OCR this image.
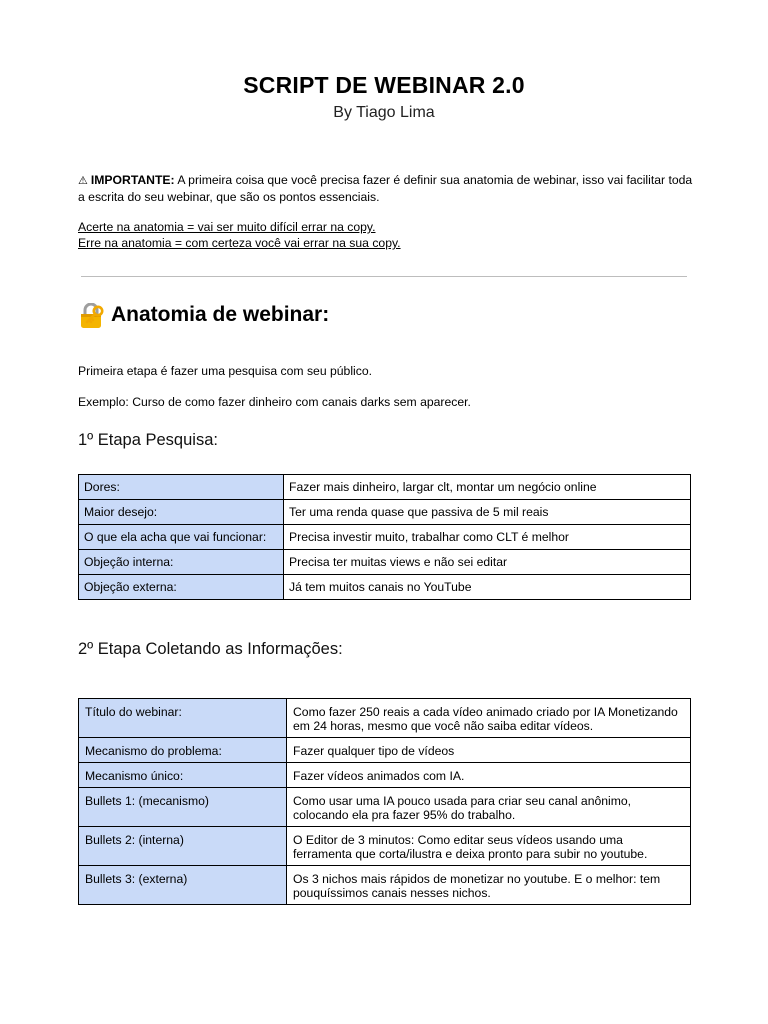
SCRIPT DE WEBINAR 2.0
By Tiago Lima
⚠ IMPORTANTE: A primeira coisa que você precisa fazer é definir sua anatomia de webinar, isso vai facilitar toda a escrita do seu webinar, que são os pontos essenciais.
Acerte na anatomia = vai ser muito difícil errar na copy.
Erre na anatomia = com certeza você vai errar na sua copy.
Anatomia de webinar:
Primeira etapa é fazer uma pesquisa com seu público.
Exemplo: Curso de como fazer dinheiro com canais darks sem aparecer.
1º Etapa Pesquisa:
Dores:	Fazer mais dinheiro, largar clt, montar um negócio online
Maior desejo:	Ter uma renda quase que passiva de 5 mil reais
O que ela acha que vai funcionar:	Precisa investir muito, trabalhar como CLT é melhor
Objeção interna:	Precisa ter muitas views e não sei editar
Objeção externa:	Já tem muitos canais no YouTube
2º Etapa Coletando as Informações:
Título do webinar:	Como fazer 250 reais a cada vídeo animado criado por IA Monetizando em 24 horas, mesmo que você não saiba editar vídeos.
Mecanismo do problema:	Fazer qualquer tipo de vídeos
Mecanismo único:	Fazer vídeos animados com IA.
Bullets 1: (mecanismo)	Como usar uma IA pouco usada para criar seu canal anônimo, colocando ela pra fazer 95% do trabalho.
Bullets 2: (interna)	O Editor de 3 minutos: Como editar seus vídeos usando uma ferramenta que corta/ilustra e deixa pronto para subir no youtube.
Bullets 3: (externa)	Os 3 nichos mais rápidos de monetizar no youtube. E o melhor: tem pouquíssimos canais nesses nichos.
